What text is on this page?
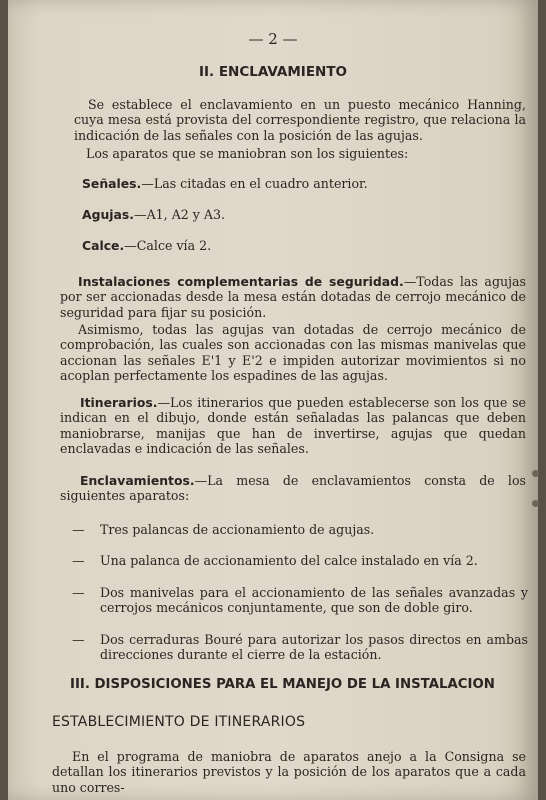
— 2 —
II. ENCLAVAMIENTO

Se establece el enclavamiento en un puesto mecánico Hanning, cuya mesa está provista del correspondiente registro, que relaciona la indicación de las señales con la posición de las agujas.

Los aparatos que se maniobran son los siguientes:

Señales.—Las citadas en el cuadro anterior.

Agujas.—A1, A2 y A3.

Calce.—Calce vía 2.

Instalaciones complementarias de seguridad.—Todas las agujas por ser accionadas desde la mesa están dotadas de cerrojo mecánico de seguridad para fijar su posición.

Asimismo, todas las agujas van dotadas de cerrojo mecánico de comprobación, las cuales son accionadas con las mismas manivelas que accionan las señales E'1 y E'2 e impiden autorizar movimientos si no acoplan perfectamente los espadines de las agujas.

Itinerarios.—Los itinerarios que pueden establecerse son los que se indican en el dibujo, donde están señaladas las palancas que deben maniobrarse, manijas que han de invertirse, agujas que quedan enclavadas e indicación de las señales.

Enclavamientos.—La mesa de enclavamientos consta de los siguientes aparatos:

—	Tres palancas de accionamiento de agujas.
—	Una palanca de accionamiento del calce instalado en vía 2.
—	Dos manivelas para el accionamiento de las señales avanzadas y cerrojos mecánicos conjuntamente, que son de doble giro.
—	Dos cerraduras Bouré para autorizar los pasos directos en ambas direcciones durante el cierre de la estación.
III. DISPOSICIONES PARA EL MANEJO DE LA INSTALACION
ESTABLECIMIENTO DE ITINERARIOS

En el programa de maniobra de aparatos anejo a la Consigna se detallan los itinerarios previstos y la posición de los aparatos que a cada uno corres-
